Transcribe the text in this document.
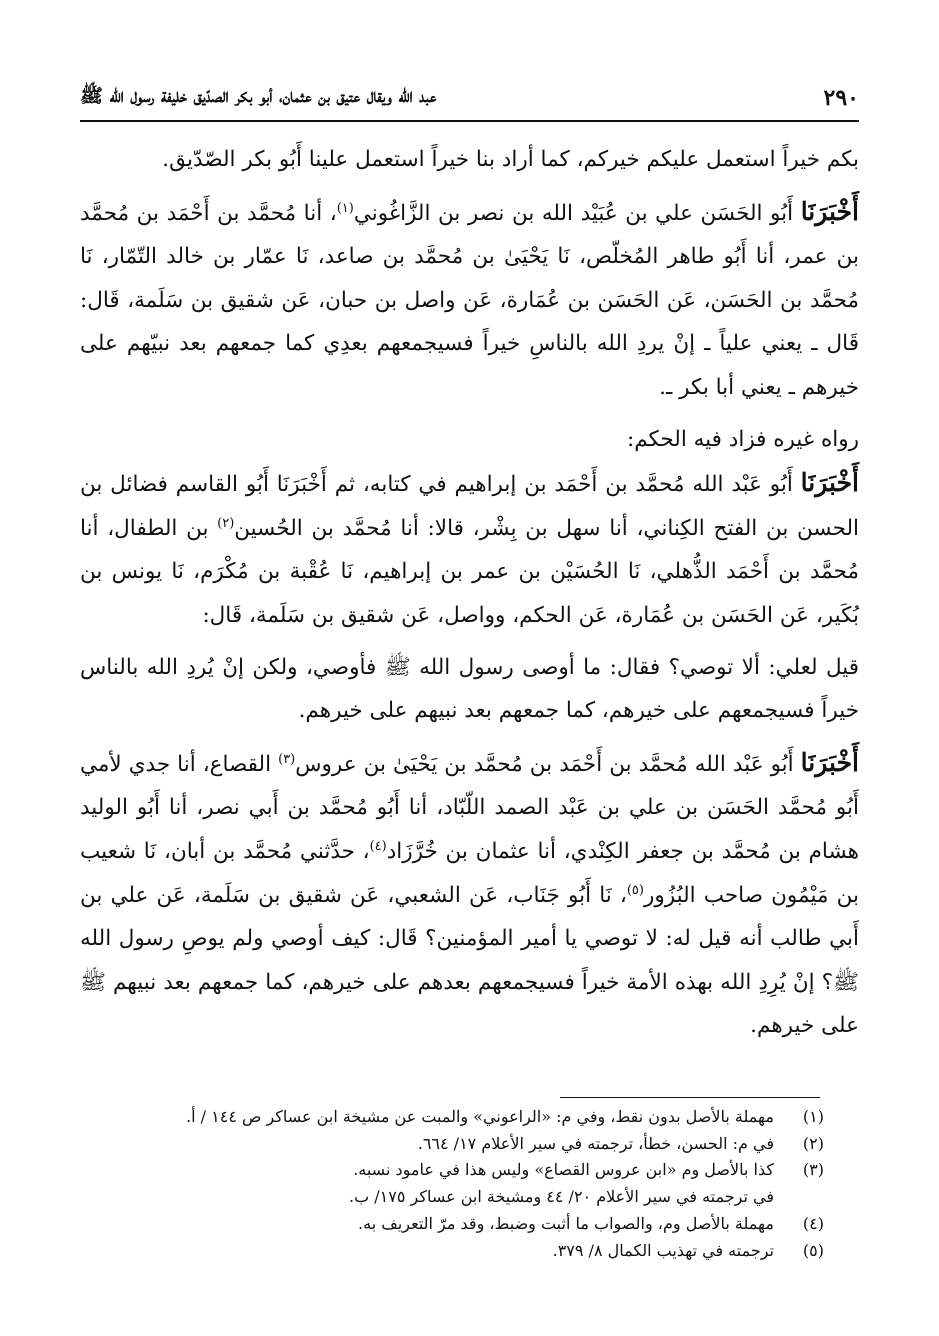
٢٩٠
عبد الله ويقال عتيق بن عثمان، أبو بكر الصدّيق خليفة رسول الله ﷺ

بكم خيراً استعمل عليكم خيركم، كما أراد بنا خيراً استعمل علينا أَبُو بكر الصّدّيق.

أَخْبَرَنَا أَبُو الحَسَن علي بن عُبَيْد الله بن نصر بن الزَّاغُوني$^{(١)}$، أنا مُحمَّد بن أَحْمَد بن مُحمَّد بن عمر، أنا أَبُو طاهر المُخلّص، نَا يَحْيَىٰ بن مُحمَّد بن صاعد، نَا عمّار بن خالد التّمّار، نَا مُحمَّد بن الحَسَن، عَن الحَسَن بن عُمَارة، عَن واصل بن حبان، عَن شقيق بن سَلَمة، قَال: قَال ـ يعني علياً ـ إنْ يردِ الله بالناسِ خيراً فسيجمعهم بعدِي كما جمعهم بعد نبيّهم على خيرهم ـ يعني أبا بكر ـ.

رواه غيره فزاد فيه الحكم:

أَخْبَرَنَا أَبُو عَبْد الله مُحمَّد بن أَحْمَد بن إبراهيم في كتابه، ثم أَخْبَرَنَا أَبُو القاسم فضائل بن الحسن بن الفتح الكِناني، أنا سهل بن بِشْر، قالا: أنا مُحمَّد بن الحُسين$^{(٢)}$ بن الطفال، أنا مُحمَّد بن أَحْمَد الذُّهلي، نَا الحُسَيْن بن عمر بن إبراهيم، نَا عُقْبة بن مُكْرَم، نَا يونس بن بُكَير، عَن الحَسَن بن عُمَارة، عَن الحكم، وواصل، عَن شقيق بن سَلَمة، قَال:

قيل لعلي: ألا توصي؟ فقال: ما أوصى رسول الله ﷺ فأوصي، ولكن إنْ يُردِ الله بالناس خيراً فسيجمعهم على خيرهم، كما جمعهم بعد نبيهم على خيرهم.

أَخْبَرَنَا أَبُو عَبْد الله مُحمَّد بن أَحْمَد بن مُحمَّد بن يَحْيَىٰ بن عروس$^{(٣)}$ القصاع، أنا جدي لأمي أَبُو مُحمَّد الحَسَن بن علي بن عَبْد الصمد اللّبّاد، أنا أَبُو مُحمَّد بن أَبي نصر، أنا أَبُو الوليد هشام بن مُحمَّد بن جعفر الكِنْدي، أنا عثمان بن خُرَّزَاد$^{(٤)}$، حدَّثني مُحمَّد بن أبان، نَا شعيب بن مَيْمُون صاحب البُزُور$^{(٥)}$، نَا أَبُو جَنَاب، عَن الشعبي، عَن شقيق بن سَلَمة، عَن علي بن أَبي طالب أنه قيل له: لا توصي يا أمير المؤمنين؟ قَال: كيف أوصي ولم يوصِ رسول الله ﷺ؟ إنْ يُرِدِ الله بهذه الأمة خيراً فسيجمعهم بعدهم على خيرهم، كما جمعهم بعد نبيهم ﷺ على خيرهم.

(١)
مهملة بالأصل بدون نقط، وفي م: «الراعوني» والمبت عن مشيخة ابن عساكر ص ١٤٤ / أ.
(٢)
في م: الحسن، خطأ، ترجمته في سير الأعلام ١٧/ ٦٦٤.
(٣)
كذا بالأصل وم «ابن عروس القصاع» وليس هذا في عامود نسبه.
في ترجمته في سير الأعلام ٢٠/ ٤٤ ومشيخة ابن عساكر ١٧٥/ ب.
(٤)
مهملة بالأصل وم، والصواب ما أثبت وضبط، وقد مرّ التعريف به.
(٥)
ترجمته في تهذيب الكمال ٨/ ٣٧٩.
